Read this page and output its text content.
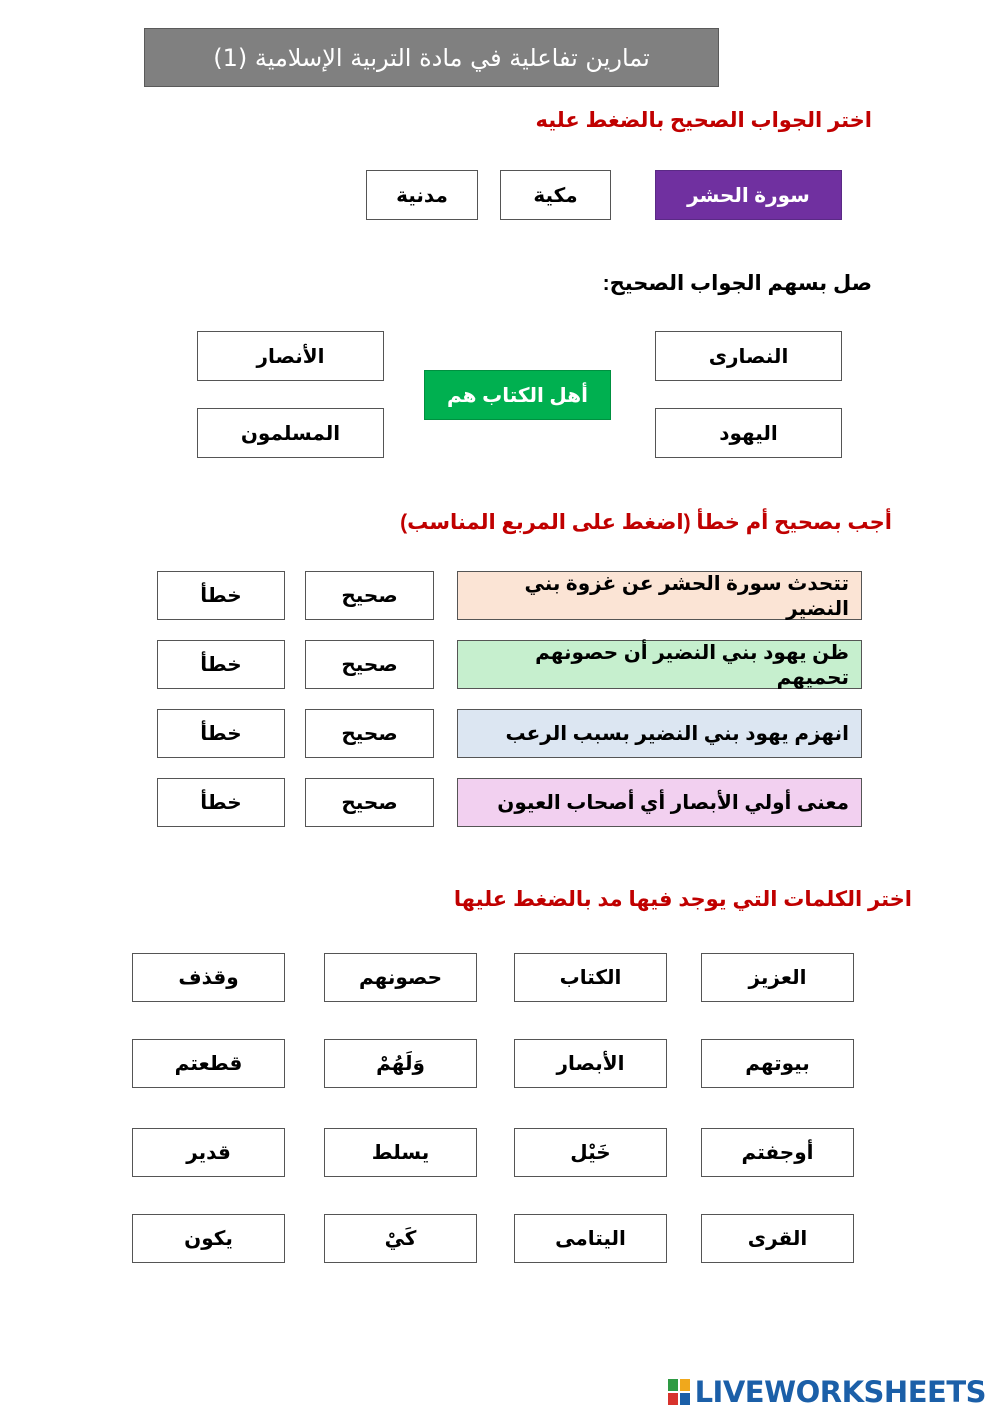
تمارين تفاعلية في مادة التربية الإسلامية (1)
اختر الجواب الصحيح بالضغط عليه
سورة الحشر
مكية
مدنية
صل بسهم الجواب الصحيح:
النصارى
اليهود
أهل الكتاب هم
الأنصار
المسلمون
أجب بصحيح أم خطأ (اضغط على المربع المناسب)
تتحدث سورة الحشر عن غزوة بني النضير
صحيح
خطأ
ظن يهود بني النضير أن حصونهم تحميهم
صحيح
خطأ
انهزم يهود بني النضير بسبب الرعب
صحيح
خطأ
معنى أولي الأبصار أي أصحاب العيون
صحيح
خطأ
اختر الكلمات التي يوجد فيها مد بالضغط عليها
العزيز
الكتاب
حصونهم
وقذف
بيوتهم
الأبصار
وَلَهُمْ
قطعتم
أوجفتم
خَيْل
يسلط
قدير
القرى
اليتامى
كَيْ
يكون
LIVEWORKSHEETS
